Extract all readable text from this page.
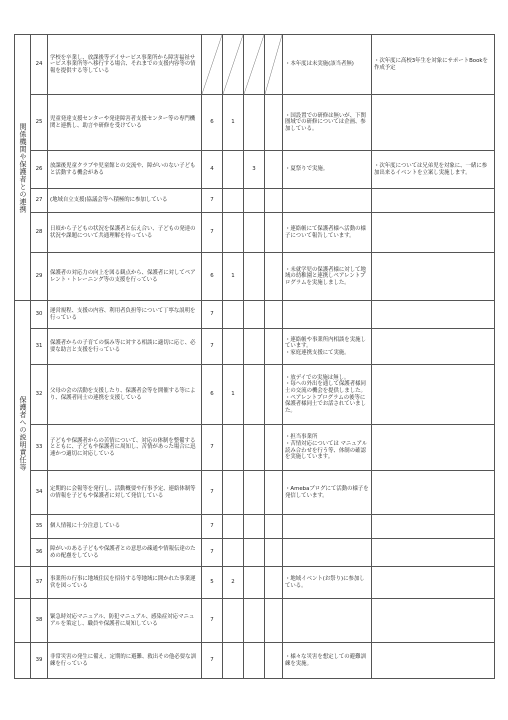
関係機関や保護者との連携	24	学校を卒業し、放課後等デイサービス事業所から障害福祉サービス事業所等へ移行する場合、それまでの支援内容等の情報を提供する等している					・本年度は未実施(該当者無)	・次年度に高校3年生を対象にサポートBookを作成予定
	25	児童発達支援センターや発達障害者支援センター等の専門機関と連携し、助言や研修を受けている	6	1			・国設置での研修は無いが、下関圏域での研修については企画、参加している。	
	26	放課後児童クラブや児童館との交流や、障がいのない子どもと活動する機会がある	4		3		・夏祭りで実施。	・次年度については兄弟児を対象に、一緒に参加出来るイベントを立案し実施します。
	27	(地域自立支援)協議会等へ積極的に参加している	7					
	28	日頃から子どもの状況を保護者と伝え合い、子どもの発達の状況や課題について共通理解を持っている	7				・連絡帳にて保護者様へ活動の様子について報告しています。	
	29	保護者の対応力の向上を図る観点から、保護者に対してペアレント・トレーニング等の支援を行っている	6	1			・未就学児の保護者様に対して地域の幼稚園と連携しペアレントプログラムを実施しました。	

保護者への説明責任等	30	運営規程、支援の内容、利用者負担等について丁寧な説明を行っている	7					
	31	保護者からの子育ての悩み等に対する相談に適切に応じ、必要な助言と支援を行っている	7				・連絡帳や事業所内相談を実施しています。
・家庭連携支援にて実施。	
	32	父母の会の活動を支援したり、保護者会等を開催する等により、保護者同士の連携を支援している	6	1			・放デイでの実施は無し。
・毎への外出を通して保護者様同士の交流の機会を提供しました。
・ペアレントプログラムの後等に保護者様同士でお話されていました。	
	33	子どもや保護者からの苦情について、対応の体制を整備するとともに、子どもや保護者に周知し、苦情があった場合に迅速かつ適切に対応している	7				・担当事業所
・苦情対応については マニュアル読み合わせを行う等、体制の確認を実施しています。	
	34	定期的に会報等を発行し、活動概要や行事予定、連絡体制等の情報を子どもや保護者に対して発信している	7				・Amebaブログにて活動の様子を発信しています。	
	35	個人情報に十分注意している	7					
	36	障がいのある子どもや保護者との意思の疎通や情報伝達のための配慮をしている	7					
	37	事業所の行事に地域住民を招待する等地域に開かれた事業運営を図っている	5	2			・地域イベント(お祭り)に参加している。	
	38	緊急時対応マニュアル、防犯マニュアル、感染症対応マニュアルを策定し、職員や保護者に周知している	7					
	39	非常災害の発生に備え、定期的に避難、救出その他必要な訓練を行っている	7				・様々な災害を想定しての避難訓練を実施。	
